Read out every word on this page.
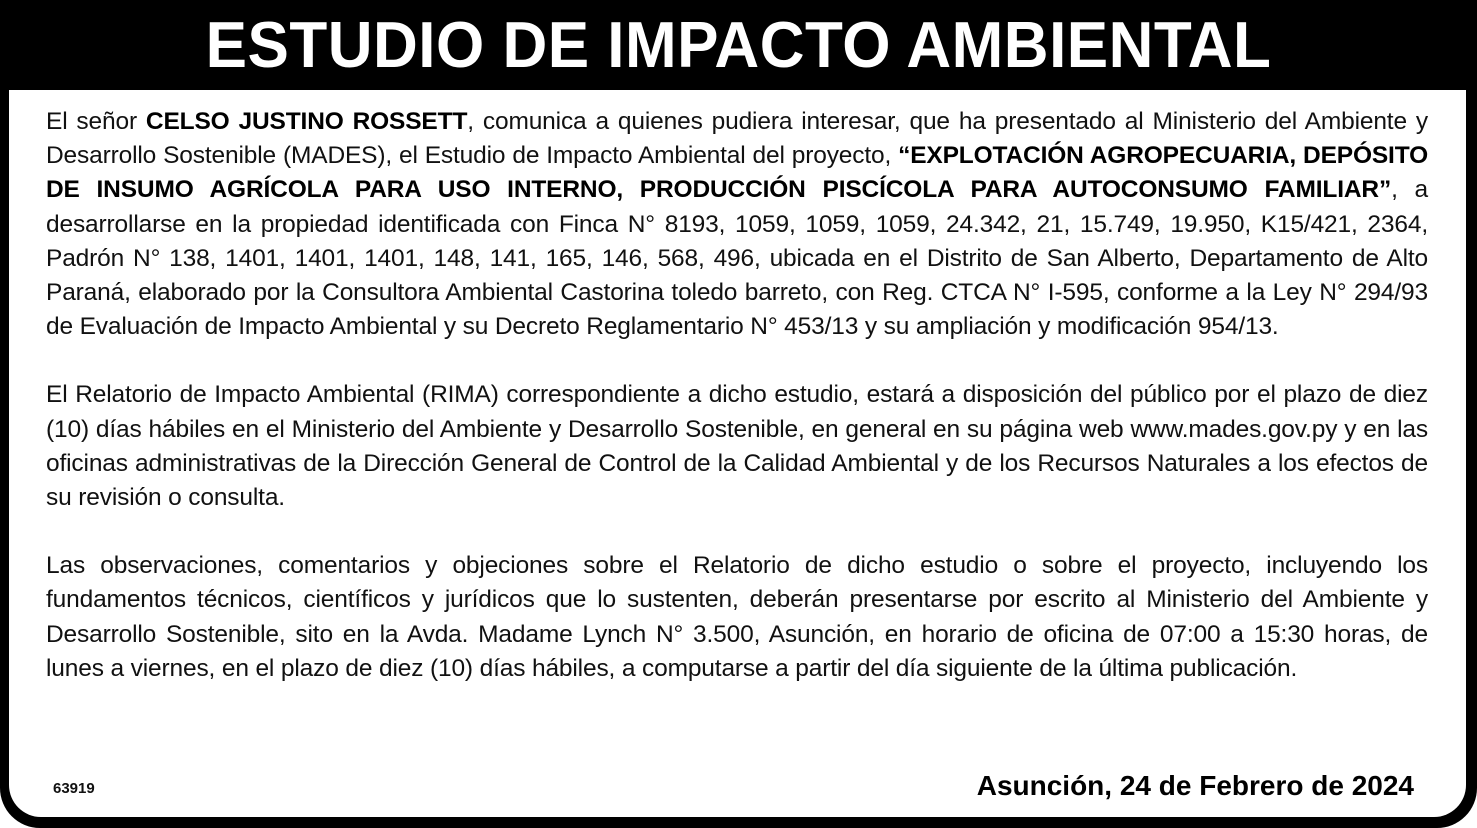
ESTUDIO DE IMPACTO AMBIENTAL

El señor CELSO JUSTINO ROSSETT, comunica a quienes pudiera interesar, que ha presentado al Ministerio del Ambiente y Desarrollo Sostenible (MADES), el Estudio de Impacto Ambiental del proyecto, “EXPLOTACIÓN AGROPECUARIA, DEPÓSITO DE INSUMO AGRÍCOLA PARA USO INTERNO, PRODUCCIÓN PISCÍCOLA PARA AUTOCONSUMO FAMILIAR”, a desarrollarse en la propiedad identificada con Finca N° 8193, 1059, 1059, 1059, 24.342, 21, 15.749, 19.950, K15/421, 2364, Padrón N° 138, 1401, 1401, 1401, 148, 141, 165, 146, 568, 496, ubicada en el Distrito de San Alberto, Departamento de Alto Paraná, elaborado por la Consultora Ambiental Castorina toledo barreto, con Reg. CTCA N° I-595, conforme a la Ley N° 294/93 de Evaluación de Impacto Ambiental y su Decreto Reglamentario N° 453/13 y su ampliación y modificación 954/13.

El Relatorio de Impacto Ambiental (RIMA) correspondiente a dicho estudio, estará a disposición del público por el plazo de diez (10) días hábiles en el Ministerio del Ambiente y Desarrollo Sostenible, en general en su página web www.mades.gov.py y en las oficinas administrativas de la Dirección General de Control de la Calidad Ambiental y de los Recursos Naturales a los efectos de su revisión o consulta.

Las observaciones, comentarios y objeciones sobre el Relatorio de dicho estudio o sobre el proyecto, incluyendo los fundamentos técnicos, científicos y jurídicos que lo sustenten, deberán presentarse por escrito al Ministerio del Ambiente y Desarrollo Sostenible, sito en la Avda. Madame Lynch N° 3.500, Asunción, en horario de oficina de 07:00 a 15:30 horas, de lunes a viernes, en el plazo de diez (10) días hábiles, a computarse a partir del día siguiente de la última publicación.

63919	Asunción, 24 de Febrero de 2024
